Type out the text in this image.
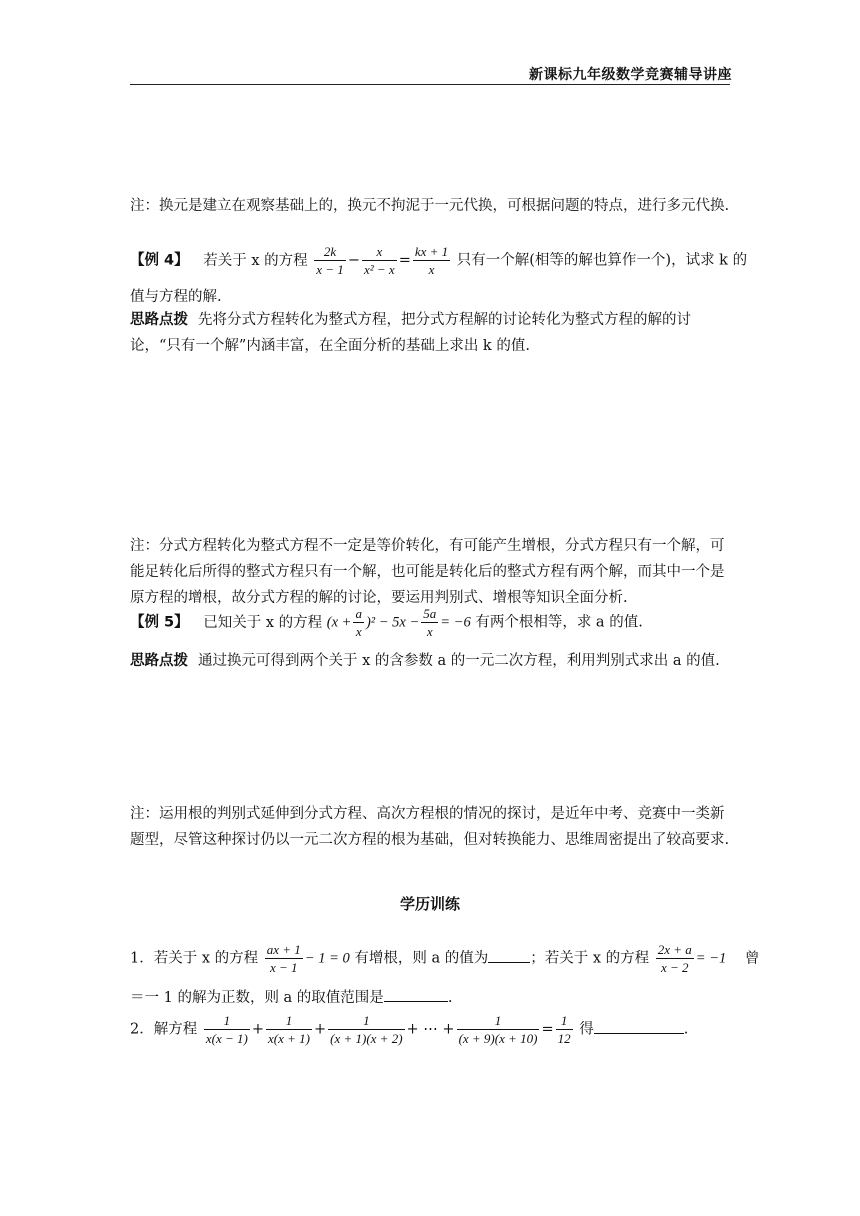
新课标九年级数学竞赛辅导讲座
注：换元是建立在观察基础上的，换元不拘泥于一元代换，可根据问题的特点，进行多元代换.
【例 4】 若关于 x 的方程 $\frac{2k}{x - 1} - \frac{x}{\text{x² − x}} = \frac{kx + 1}{x}$ 只有一个解(相等的解也算作一个)，试求 k 的
值与方程的解.
思路点拨 先将分式方程转化为整式方程，把分式方程解的讨论转化为整式方程的解的讨论，“只有一个解”内涵丰富，在全面分析的基础上求出 k 的值.
注：分式方程转化为整式方程不一定是等价转化，有可能产生增根，分式方程只有一个解，可能足转化后所得的整式方程只有一个解，也可能是转化后的整式方程有两个解，而其中一个是原方程的增根，故分式方程的解的讨论，要运用判别式、增根等知识全面分析.
【例 5】 已知关于 x 的方程 $(x + \frac{a}{x} )^2 - 5x - \frac{5a}{x} = -6$ 有两个根相等，求 a 的值.
思路点拨 通过换元可得到两个关于 x 的含参数 a 的一元二次方程，利用判别式求出 a 的值.
注：运用根的判别式延伸到分式方程、高次方程根的情况的探讨，是近年中考、竞赛中一类新题型，尽管这种探讨仍以一元二次方程的根为基础，但对转换能力、思维周密提出了较高要求.
学历训练
1．若关于 x 的方程 $\frac{ax + 1}{x - 1} - 1 = 0$ 有增根，则 a 的值为	；若关于 x 的方程 $\frac{2x + a}{x - 2} = -1$ 曾
＝一 1 的解为正数，则 a 的取值范围是	.
2．解方程 $\frac{1}{x(x - 1)} + \frac{1}{x(x + 1)} + \frac{1}{(x + 1)(x + 2)}$ + ⋯ + $\frac{1}{(x + 9)(x + 10)} = \frac{1}{12}$ 得	.
